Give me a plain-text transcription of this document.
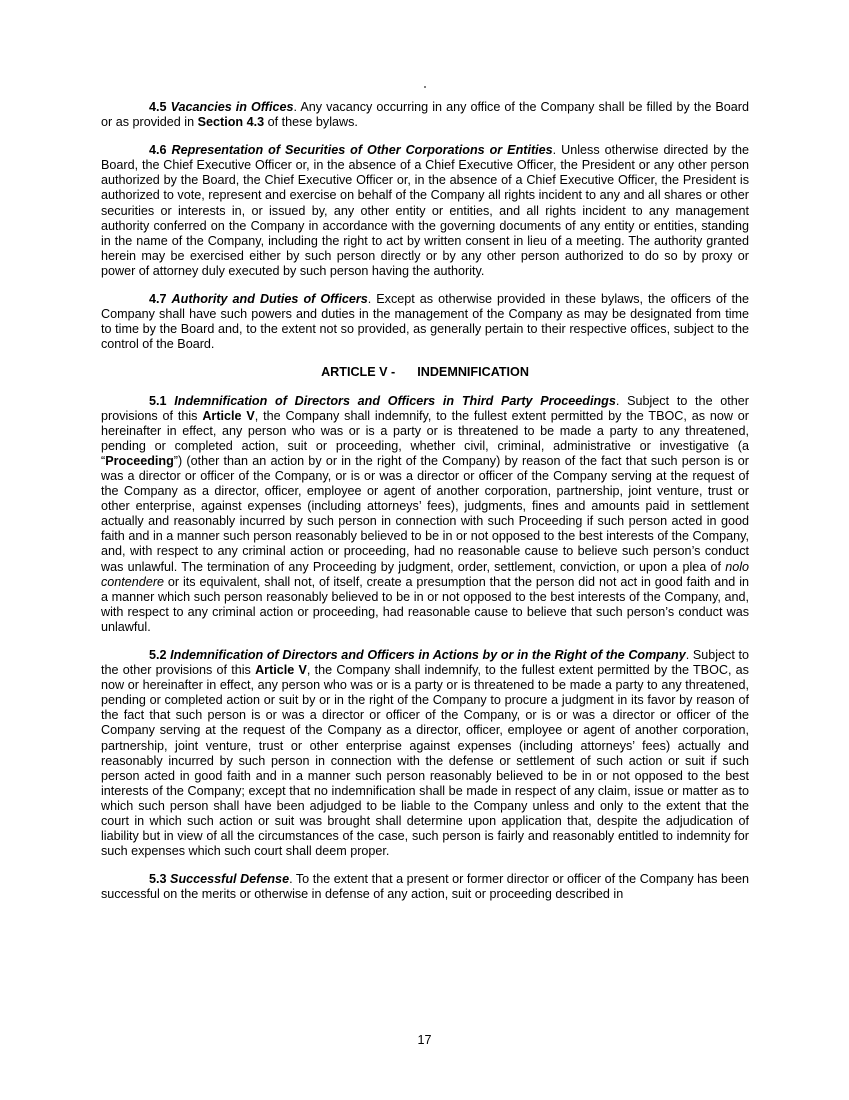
4.5 Vacancies in Offices. Any vacancy occurring in any office of the Company shall be filled by the Board or as provided in Section 4.3 of these bylaws.

4.6 Representation of Securities of Other Corporations or Entities. Unless otherwise directed by the Board, the Chief Executive Officer or, in the absence of a Chief Executive Officer, the President or any other person authorized by the Board, the Chief Executive Officer or, in the absence of a Chief Executive Officer, the President is authorized to vote, represent and exercise on behalf of the Company all rights incident to any and all shares or other securities or interests in, or issued by, any other entity or entities, and all rights incident to any management authority conferred on the Company in accordance with the governing documents of any entity or entities, standing in the name of the Company, including the right to act by written consent in lieu of a meeting. The authority granted herein may be exercised either by such person directly or by any other person authorized to do so by proxy or power of attorney duly executed by such person having the authority.

4.7 Authority and Duties of Officers. Except as otherwise provided in these bylaws, the officers of the Company shall have such powers and duties in the management of the Company as may be designated from time to time by the Board and, to the extent not so provided, as generally pertain to their respective offices, subject to the control of the Board.

ARTICLE V - INDEMNIFICATION

5.1 Indemnification of Directors and Officers in Third Party Proceedings. Subject to the other provisions of this Article V, the Company shall indemnify, to the fullest extent permitted by the TBOC, as now or hereinafter in effect, any person who was or is a party or is threatened to be made a party to any threatened, pending or completed action, suit or proceeding, whether civil, criminal, administrative or investigative (a “Proceeding”) (other than an action by or in the right of the Company) by reason of the fact that such person is or was a director or officer of the Company, or is or was a director or officer of the Company serving at the request of the Company as a director, officer, employee or agent of another corporation, partnership, joint venture, trust or other enterprise, against expenses (including attorneys’ fees), judgments, fines and amounts paid in settlement actually and reasonably incurred by such person in connection with such Proceeding if such person acted in good faith and in a manner such person reasonably believed to be in or not opposed to the best interests of the Company, and, with respect to any criminal action or proceeding, had no reasonable cause to believe such person’s conduct was unlawful. The termination of any Proceeding by judgment, order, settlement, conviction, or upon a plea of nolo contendere or its equivalent, shall not, of itself, create a presumption that the person did not act in good faith and in a manner which such person reasonably believed to be in or not opposed to the best interests of the Company, and, with respect to any criminal action or proceeding, had reasonable cause to believe that such person’s conduct was unlawful.

5.2 Indemnification of Directors and Officers in Actions by or in the Right of the Company. Subject to the other provisions of this Article V, the Company shall indemnify, to the fullest extent permitted by the TBOC, as now or hereinafter in effect, any person who was or is a party or is threatened to be made a party to any threatened, pending or completed action or suit by or in the right of the Company to procure a judgment in its favor by reason of the fact that such person is or was a director or officer of the Company, or is or was a director or officer of the Company serving at the request of the Company as a director, officer, employee or agent of another corporation, partnership, joint venture, trust or other enterprise against expenses (including attorneys’ fees) actually and reasonably incurred by such person in connection with the defense or settlement of such action or suit if such person acted in good faith and in a manner such person reasonably believed to be in or not opposed to the best interests of the Company; except that no indemnification shall be made in respect of any claim, issue or matter as to which such person shall have been adjudged to be liable to the Company unless and only to the extent that the court in which such action or suit was brought shall determine upon application that, despite the adjudication of liability but in view of all the circumstances of the case, such person is fairly and reasonably entitled to indemnity for such expenses which such court shall deem proper.

5.3 Successful Defense. To the extent that a present or former director or officer of the Company has been successful on the merits or otherwise in defense of any action, suit or proceeding described in

17
